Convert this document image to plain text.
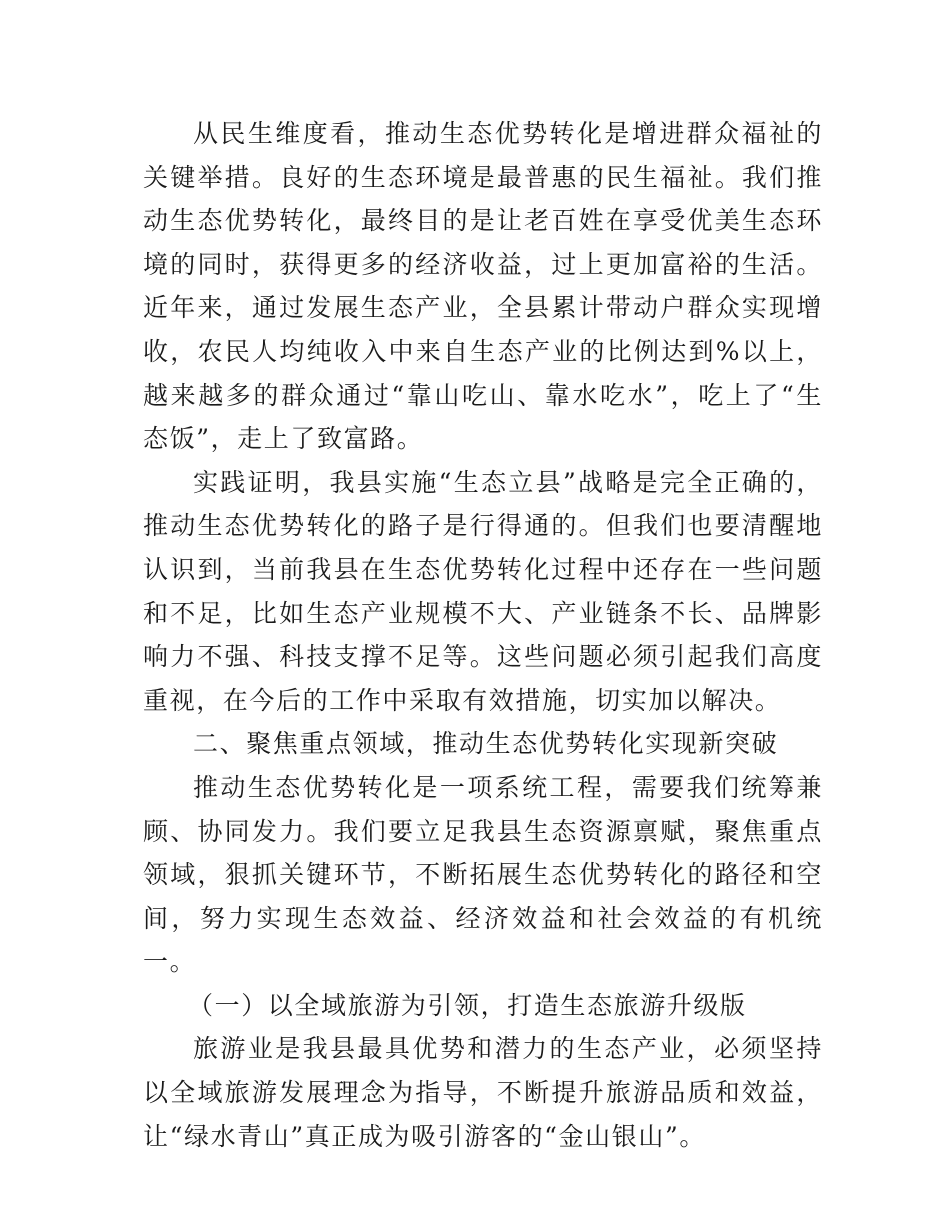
从民生维度看，推动生态优势转化是增进群众福祉的关键举措。良好的生态环境是最普惠的民生福祉。我们推动生态优势转化，最终目的是让老百姓在享受优美生态环境的同时，获得更多的经济收益，过上更加富裕的生活。近年来，通过发展生态产业，全县累计带动户群众实现增收，农民人均纯收入中来自生态产业的比例达到%以上，越来越多的群众通过“靠山吃山、靠水吃水”，吃上了“生态饭”，走上了致富路。

实践证明，我县实施“生态立县”战略是完全正确的，推动生态优势转化的路子是行得通的。但我们也要清醒地认识到，当前我县在生态优势转化过程中还存在一些问题和不足，比如生态产业规模不大、产业链条不长、品牌影响力不强、科技支撑不足等。这些问题必须引起我们高度重视，在今后的工作中采取有效措施，切实加以解决。

二、聚焦重点领域，推动生态优势转化实现新突破

推动生态优势转化是一项系统工程，需要我们统筹兼顾、协同发力。我们要立足我县生态资源禀赋，聚焦重点领域，狠抓关键环节，不断拓展生态优势转化的路径和空间，努力实现生态效益、经济效益和社会效益的有机统一。

（一）以全域旅游为引领，打造生态旅游升级版

旅游业是我县最具优势和潜力的生态产业，必须坚持以全域旅游发展理念为指导，不断提升旅游品质和效益，让“绿水青山”真正成为吸引游客的“金山银山”。
